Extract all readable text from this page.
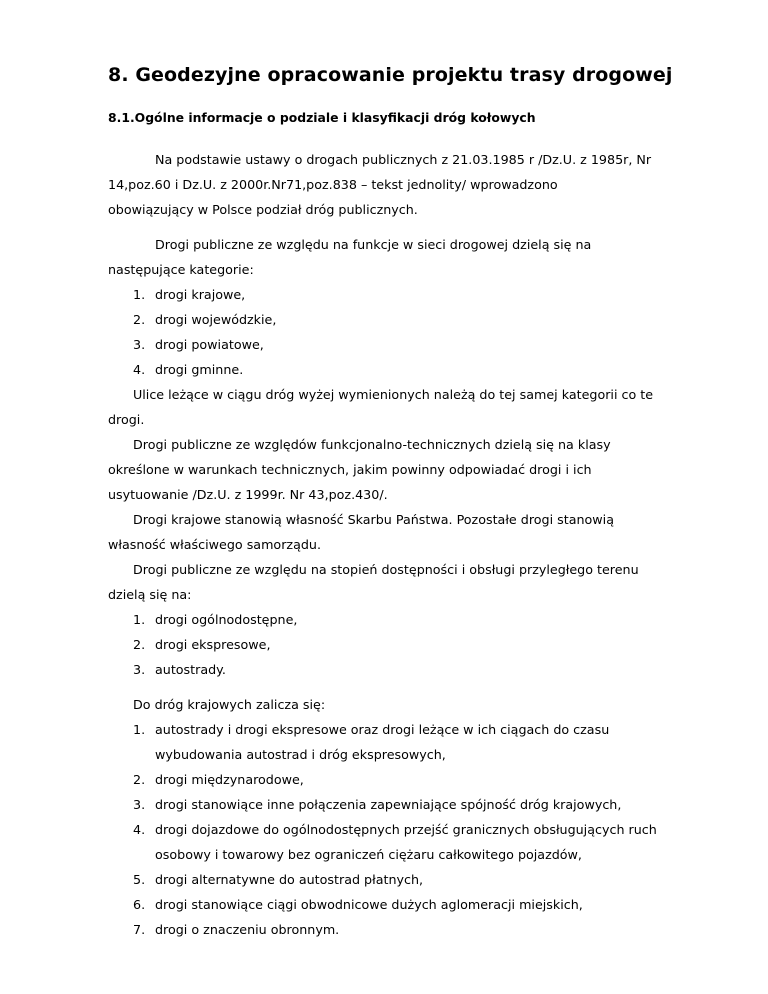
8. Geodezyjne opracowanie projektu trasy drogowej
8.1.Ogólne informacje o podziale i klasyfikacji dróg kołowych
Na podstawie ustawy o drogach publicznych z 21.03.1985 r /Dz.U. z 1985r, Nr
14,poz.60 i Dz.U. z 2000r.Nr71,poz.838 – tekst jednolity/ wprowadzono
obowiązujący w Polsce podział dróg publicznych.
Drogi publiczne ze względu na funkcje w sieci drogowej dzielą się na
następujące kategorie:
1. drogi krajowe,
2. drogi wojewódzkie,
3. drogi powiatowe,
4. drogi gminne.
Ulice leżące w ciągu dróg wyżej wymienionych należą do tej samej kategorii co te
drogi.
Drogi publiczne ze względów funkcjonalno-technicznych dzielą się na klasy
określone w warunkach technicznych, jakim powinny odpowiadać drogi i ich
usytuowanie /Dz.U. z 1999r. Nr 43,poz.430/.
Drogi krajowe stanowią własność Skarbu Państwa. Pozostałe drogi stanowią
własność właściwego samorządu.
Drogi publiczne ze względu na stopień dostępności i obsługi przyległego terenu
dzielą się na:
1. drogi ogólnodostępne,
2. drogi ekspresowe,
3. autostrady.
Do dróg krajowych zalicza się:
1. autostrady i drogi ekspresowe oraz drogi leżące w ich ciągach do czasu
wybudowania autostrad i dróg ekspresowych,
2. drogi międzynarodowe,
3. drogi stanowiące inne połączenia zapewniające spójność dróg krajowych,
4. drogi dojazdowe do ogólnodostępnych przejść granicznych obsługujących ruch
osobowy i towarowy bez ograniczeń ciężaru całkowitego pojazdów,
5. drogi alternatywne do autostrad płatnych,
6. drogi stanowiące ciągi obwodnicowe dużych aglomeracji miejskich,
7. drogi o znaczeniu obronnym.
